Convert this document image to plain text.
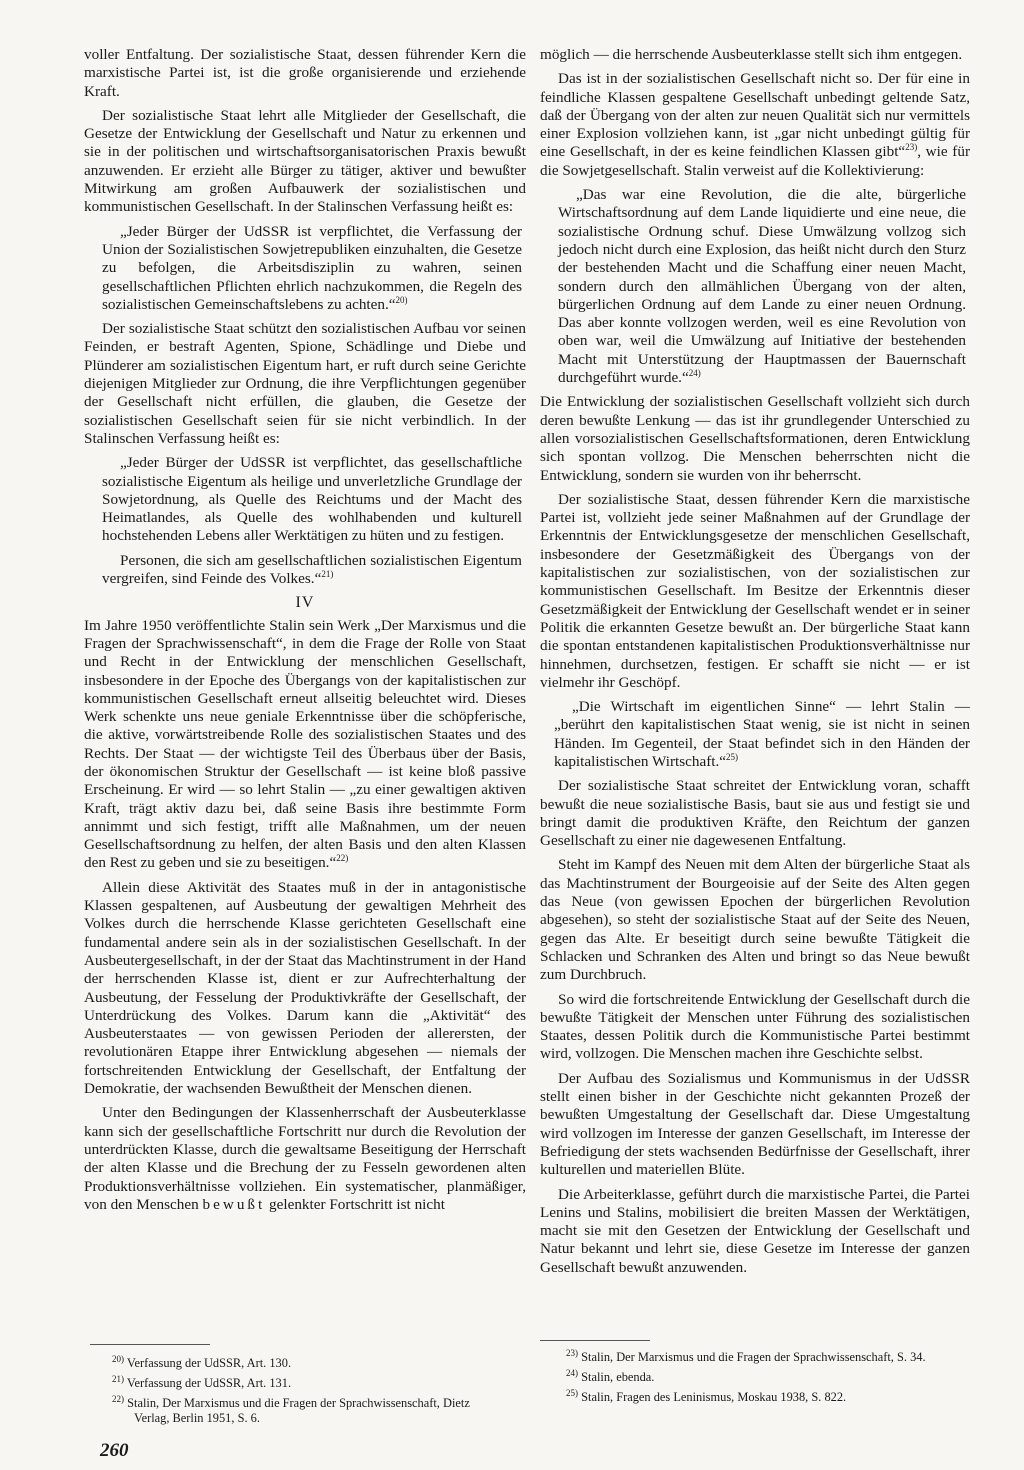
voller Entfaltung. Der sozialistische Staat, dessen führender Kern die marxistische Partei ist, ist die große organisierende und erziehende Kraft.

Der sozialistische Staat lehrt alle Mitglieder der Gesellschaft, die Gesetze der Entwicklung der Gesellschaft und Natur zu erkennen und sie in der politischen und wirtschaftsorganisatorischen Praxis bewußt anzuwenden. Er erzieht alle Bürger zu tätiger, aktiver und bewußter Mitwirkung am großen Aufbauwerk der sozialistischen und kommunistischen Gesellschaft. In der Stalinschen Verfassung heißt es:

„Jeder Bürger der UdSSR ist verpflichtet, die Verfassung der Union der Sozialistischen Sowjetrepubliken einzuhalten, die Gesetze zu befolgen, die Arbeitsdisziplin zu wahren, seinen gesellschaftlichen Pflichten ehrlich nachzukommen, die Regeln des sozialistischen Gemeinschaftslebens zu achten.“$^{20)}$

Der sozialistische Staat schützt den sozialistischen Aufbau vor seinen Feinden, er bestraft Agenten, Spione, Schädlinge und Diebe und Plünderer am sozialistischen Eigentum hart, er ruft durch seine Gerichte diejenigen Mitglieder zur Ordnung, die ihre Verpflichtungen gegenüber der Gesellschaft nicht erfüllen, die glauben, die Gesetze der sozialistischen Gesellschaft seien für sie nicht verbindlich. In der Stalinschen Verfassung heißt es:

„Jeder Bürger der UdSSR ist verpflichtet, das gesellschaftliche sozialistische Eigentum als heilige und unverletzliche Grundlage der Sowjetordnung, als Quelle des Reichtums und der Macht des Heimatlandes, als Quelle des wohlhabenden und kulturell hochstehenden Lebens aller Werktätigen zu hüten und zu festigen.

Personen, die sich am gesellschaftlichen sozialistischen Eigentum vergreifen, sind Feinde des Volkes.“$^{21)}$

IV

Im Jahre 1950 veröffentlichte Stalin sein Werk „Der Marxismus und die Fragen der Sprachwissenschaft“, in dem die Frage der Rolle von Staat und Recht in der Entwicklung der menschlichen Gesellschaft, insbesondere in der Epoche des Übergangs von der kapitalistischen zur kommunistischen Gesellschaft erneut allseitig beleuchtet wird. Dieses Werk schenkte uns neue geniale Erkenntnisse über die schöpferische, die aktive, vorwärtstreibende Rolle des sozialistischen Staates und des Rechts. Der Staat — der wichtigste Teil des Überbaus über der Basis, der ökonomischen Struktur der Gesellschaft — ist keine bloß passive Erscheinung. Er wird — so lehrt Stalin — „zu einer gewaltigen aktiven Kraft, trägt aktiv dazu bei, daß seine Basis ihre bestimmte Form annimmt und sich festigt, trifft alle Maßnahmen, um der neuen Gesellschaftsordnung zu helfen, der alten Basis und den alten Klassen den Rest zu geben und sie zu beseitigen.“$^{22)}$

Allein diese Aktivität des Staates muß in der in antagonistische Klassen gespaltenen, auf Ausbeutung der gewaltigen Mehrheit des Volkes durch die herrschende Klasse gerichteten Gesellschaft eine fundamental andere sein als in der sozialistischen Gesellschaft. In der Ausbeutergesellschaft, in der der Staat das Machtinstrument in der Hand der herrschenden Klasse ist, dient er zur Aufrechterhaltung der Ausbeutung, der Fesselung der Produktivkräfte der Gesellschaft, der Unterdrückung des Volkes. Darum kann die „Aktivität“ des Ausbeuterstaates — von gewissen Perioden der allerersten, der revolutionären Etappe ihrer Entwicklung abgesehen — niemals der fortschreitenden Entwicklung der Gesellschaft, der Entfaltung der Demokratie, der wachsenden Bewußtheit der Menschen dienen.

Unter den Bedingungen der Klassenherrschaft der Ausbeuterklasse kann sich der gesellschaftliche Fortschritt nur durch die Revolution der unterdrückten Klasse, durch die gewaltsame Beseitigung der Herrschaft der alten Klasse und die Brechung der zu Fesseln gewordenen alten Produktionsverhältnisse vollziehen. Ein systematischer, planmäßiger, von den Menschen bewußt gelenkter Fortschritt ist nicht

möglich — die herrschende Ausbeuterklasse stellt sich ihm entgegen.

Das ist in der sozialistischen Gesellschaft nicht so. Der für eine in feindliche Klassen gespaltene Gesellschaft unbedingt geltende Satz, daß der Übergang von der alten zur neuen Qualität sich nur vermittels einer Explosion vollziehen kann, ist „gar nicht unbedingt gültig für eine Gesellschaft, in der es keine feindlichen Klassen gibt“$^{23)}$, wie für die Sowjetgesellschaft. Stalin verweist auf die Kollektivierung:

„Das war eine Revolution, die die alte, bürgerliche Wirtschaftsordnung auf dem Lande liquidierte und eine neue, die sozialistische Ordnung schuf. Diese Umwälzung vollzog sich jedoch nicht durch eine Explosion, das heißt nicht durch den Sturz der bestehenden Macht und die Schaffung einer neuen Macht, sondern durch den allmählichen Übergang von der alten, bürgerlichen Ordnung auf dem Lande zu einer neuen Ordnung. Das aber konnte vollzogen werden, weil es eine Revolution von oben war, weil die Umwälzung auf Initiative der bestehenden Macht mit Unterstützung der Hauptmassen der Bauernschaft durchgeführt wurde.“$^{24)}$

Die Entwicklung der sozialistischen Gesellschaft vollzieht sich durch deren bewußte Lenkung — das ist ihr grundlegender Unterschied zu allen vorsozialistischen Gesellschaftsformationen, deren Entwicklung sich spontan vollzog. Die Menschen beherrschten nicht die Entwicklung, sondern sie wurden von ihr beherrscht.

Der sozialistische Staat, dessen führender Kern die marxistische Partei ist, vollzieht jede seiner Maßnahmen auf der Grundlage der Erkenntnis der Entwicklungsgesetze der menschlichen Gesellschaft, insbesondere der Gesetzmäßigkeit des Übergangs von der kapitalistischen zur sozialistischen, von der sozialistischen zur kommunistischen Gesellschaft. Im Besitze der Erkenntnis dieser Gesetzmäßigkeit der Entwicklung der Gesellschaft wendet er in seiner Politik die erkannten Gesetze bewußt an. Der bürgerliche Staat kann die spontan entstandenen kapitalistischen Produktionsverhältnisse nur hinnehmen, durchsetzen, festigen. Er schafft sie nicht — er ist vielmehr ihr Geschöpf.

„Die Wirtschaft im eigentlichen Sinne“ — lehrt Stalin — „berührt den kapitalistischen Staat wenig, sie ist nicht in seinen Händen. Im Gegenteil, der Staat befindet sich in den Händen der kapitalistischen Wirtschaft.“$^{25)}$

Der sozialistische Staat schreitet der Entwicklung voran, schafft bewußt die neue sozialistische Basis, baut sie aus und festigt sie und bringt damit die produktiven Kräfte, den Reichtum der ganzen Gesellschaft zu einer nie dagewesenen Entfaltung.

Steht im Kampf des Neuen mit dem Alten der bürgerliche Staat als das Machtinstrument der Bourgeoisie auf der Seite des Alten gegen das Neue (von gewissen Epochen der bürgerlichen Revolution abgesehen), so steht der sozialistische Staat auf der Seite des Neuen, gegen das Alte. Er beseitigt durch seine bewußte Tätigkeit die Schlacken und Schranken des Alten und bringt so das Neue bewußt zum Durchbruch.

So wird die fortschreitende Entwicklung der Gesellschaft durch die bewußte Tätigkeit der Menschen unter Führung des sozialistischen Staates, dessen Politik durch die Kommunistische Partei bestimmt wird, vollzogen. Die Menschen machen ihre Geschichte selbst.

Der Aufbau des Sozialismus und Kommunismus in der UdSSR stellt einen bisher in der Geschichte nicht gekannten Prozeß der bewußten Umgestaltung der Gesellschaft dar. Diese Umgestaltung wird vollzogen im Interesse der ganzen Gesellschaft, im Interesse der Befriedigung der stets wachsenden Bedürfnisse der Gesellschaft, ihrer kulturellen und materiellen Blüte.

Die Arbeiterklasse, geführt durch die marxistische Partei, die Partei Lenins und Stalins, mobilisiert die breiten Massen der Werktätigen, macht sie mit den Gesetzen der Entwicklung der Gesellschaft und Natur bekannt und lehrt sie, diese Gesetze im Interesse der ganzen Gesellschaft bewußt anzuwenden.

$^{20)}$ Verfassung der UdSSR, Art. 130.
$^{21)}$ Verfassung der UdSSR, Art. 131.
$^{22)}$ Stalin, Der Marxismus und die Fragen der Sprachwissenschaft, Dietz Verlag, Berlin 1951, S. 6.
$^{23)}$ Stalin, Der Marxismus und die Fragen der Sprachwissenschaft, S. 34.
$^{24)}$ Stalin, ebenda.
$^{25)}$ Stalin, Fragen des Leninismus, Moskau 1938, S. 822.
260
